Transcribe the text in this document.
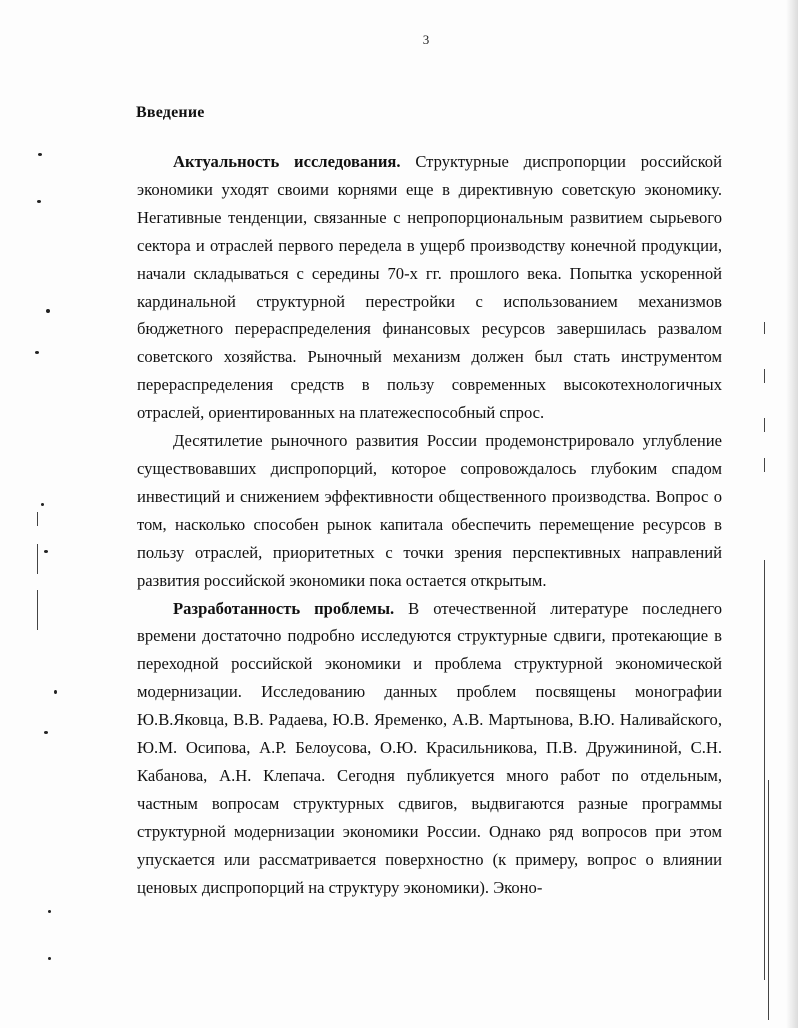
3
Введение

Актуальность исследования. Структурные диспропорции российской экономики уходят своими корнями еще в директивную советскую экономику. Негативные тенденции, связанные с непропорциональным развитием сырьевого сектора и отраслей первого передела в ущерб производству конечной продукции, начали складываться с середины 70-х гг. прошлого века. Попытка ускоренной кардинальной структурной перестройки с использованием механизмов бюджетного перераспределения финансовых ресурсов завершилась развалом советского хозяйства. Рыночный механизм должен был стать инструментом перераспределения средств в пользу современных высокотехнологичных отраслей, ориентированных на платежеспособный спрос.

Десятилетие рыночного развития России продемонстрировало углубление существовавших диспропорций, которое сопровождалось глубоким спадом инвестиций и снижением эффективности общественного производства. Вопрос о том, насколько способен рынок капитала обеспечить перемещение ресурсов в пользу отраслей, приоритетных с точки зрения перспективных направлений развития российской экономики пока остается открытым.

Разработанность проблемы. В отечественной литературе последнего времени достаточно подробно исследуются структурные сдвиги, протекающие в переходной российской экономики и проблема структурной экономической модернизации. Исследованию данных проблем посвящены монографии Ю.В.Яковца, В.В. Радаева, Ю.В. Яременко, А.В. Мартынова, В.Ю. Наливайского, Ю.М. Осипова, А.Р. Белоусова, О.Ю. Красильникова, П.В. Дружининой, С.Н. Кабанова, А.Н. Клепача. Сегодня публикуется много работ по отдельным, частным вопросам структурных сдвигов, выдвигаются разные программы структурной модернизации экономики России. Однако ряд вопросов при этом упускается или рассматривается поверхностно (к примеру, вопрос о влиянии ценовых диспропорций на структуру экономики). Эконо-
